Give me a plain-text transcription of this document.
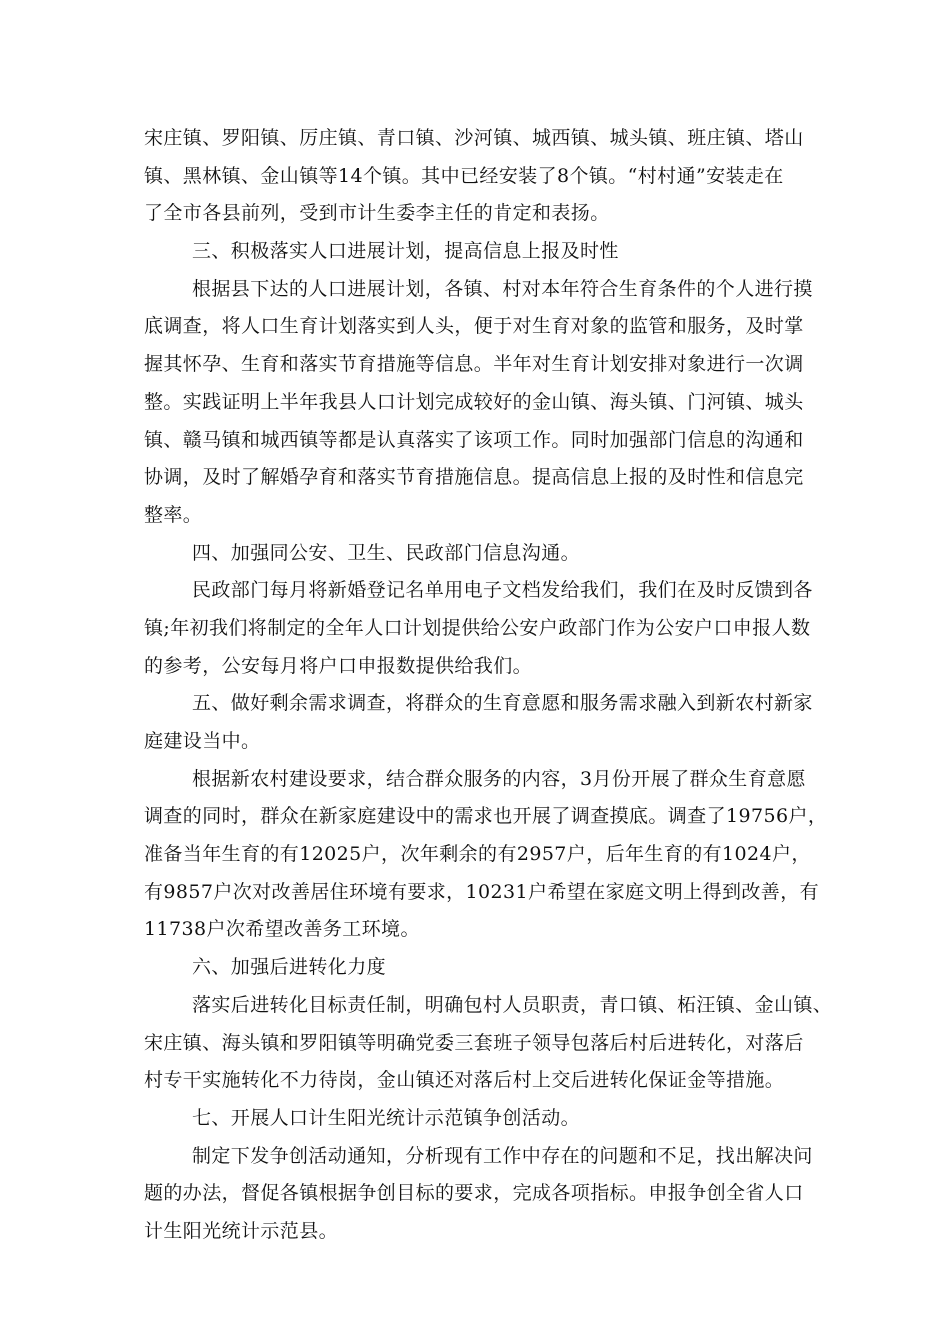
宋庄镇、罗阳镇、厉庄镇、青口镇、沙河镇、城西镇、城头镇、班庄镇、塔山
镇、黑林镇、金山镇等14个镇。其中已经安装了8个镇。“村村通”安装走在
了全市各县前列，受到市计生委李主任的肯定和表扬。
三、积极落实人口进展计划，提高信息上报及时性
根据县下达的人口进展计划，各镇、村对本年符合生育条件的个人进行摸
底调查，将人口生育计划落实到人头，便于对生育对象的监管和服务，及时掌
握其怀孕、生育和落实节育措施等信息。半年对生育计划安排对象进行一次调
整。实践证明上半年我县人口计划完成较好的金山镇、海头镇、门河镇、城头
镇、赣马镇和城西镇等都是认真落实了该项工作。同时加强部门信息的沟通和
协调，及时了解婚孕育和落实节育措施信息。提高信息上报的及时性和信息完
整率。
四、加强同公安、卫生、民政部门信息沟通。
民政部门每月将新婚登记名单用电子文档发给我们，我们在及时反馈到各
镇;年初我们将制定的全年人口计划提供给公安户政部门作为公安户口申报人数
的参考，公安每月将户口申报数提供给我们。
五、做好剩余需求调查，将群众的生育意愿和服务需求融入到新农村新家
庭建设当中。
根据新农村建设要求，结合群众服务的内容，3月份开展了群众生育意愿
调查的同时，群众在新家庭建设中的需求也开展了调查摸底。调查了19756户，
准备当年生育的有12025户，次年剩余的有2957户，后年生育的有1024户，
有9857户次对改善居住环境有要求，10231户希望在家庭文明上得到改善，有
11738户次希望改善务工环境。
六、加强后进转化力度
落实后进转化目标责任制，明确包村人员职责，青口镇、柘汪镇、金山镇、
宋庄镇、海头镇和罗阳镇等明确党委三套班子领导包落后村后进转化，对落后
村专干实施转化不力待岗，金山镇还对落后村上交后进转化保证金等措施。
七、开展人口计生阳光统计示范镇争创活动。
制定下发争创活动通知，分析现有工作中存在的问题和不足，找出解决问
题的办法，督促各镇根据争创目标的要求，完成各项指标。申报争创全省人口
计生阳光统计示范县。
